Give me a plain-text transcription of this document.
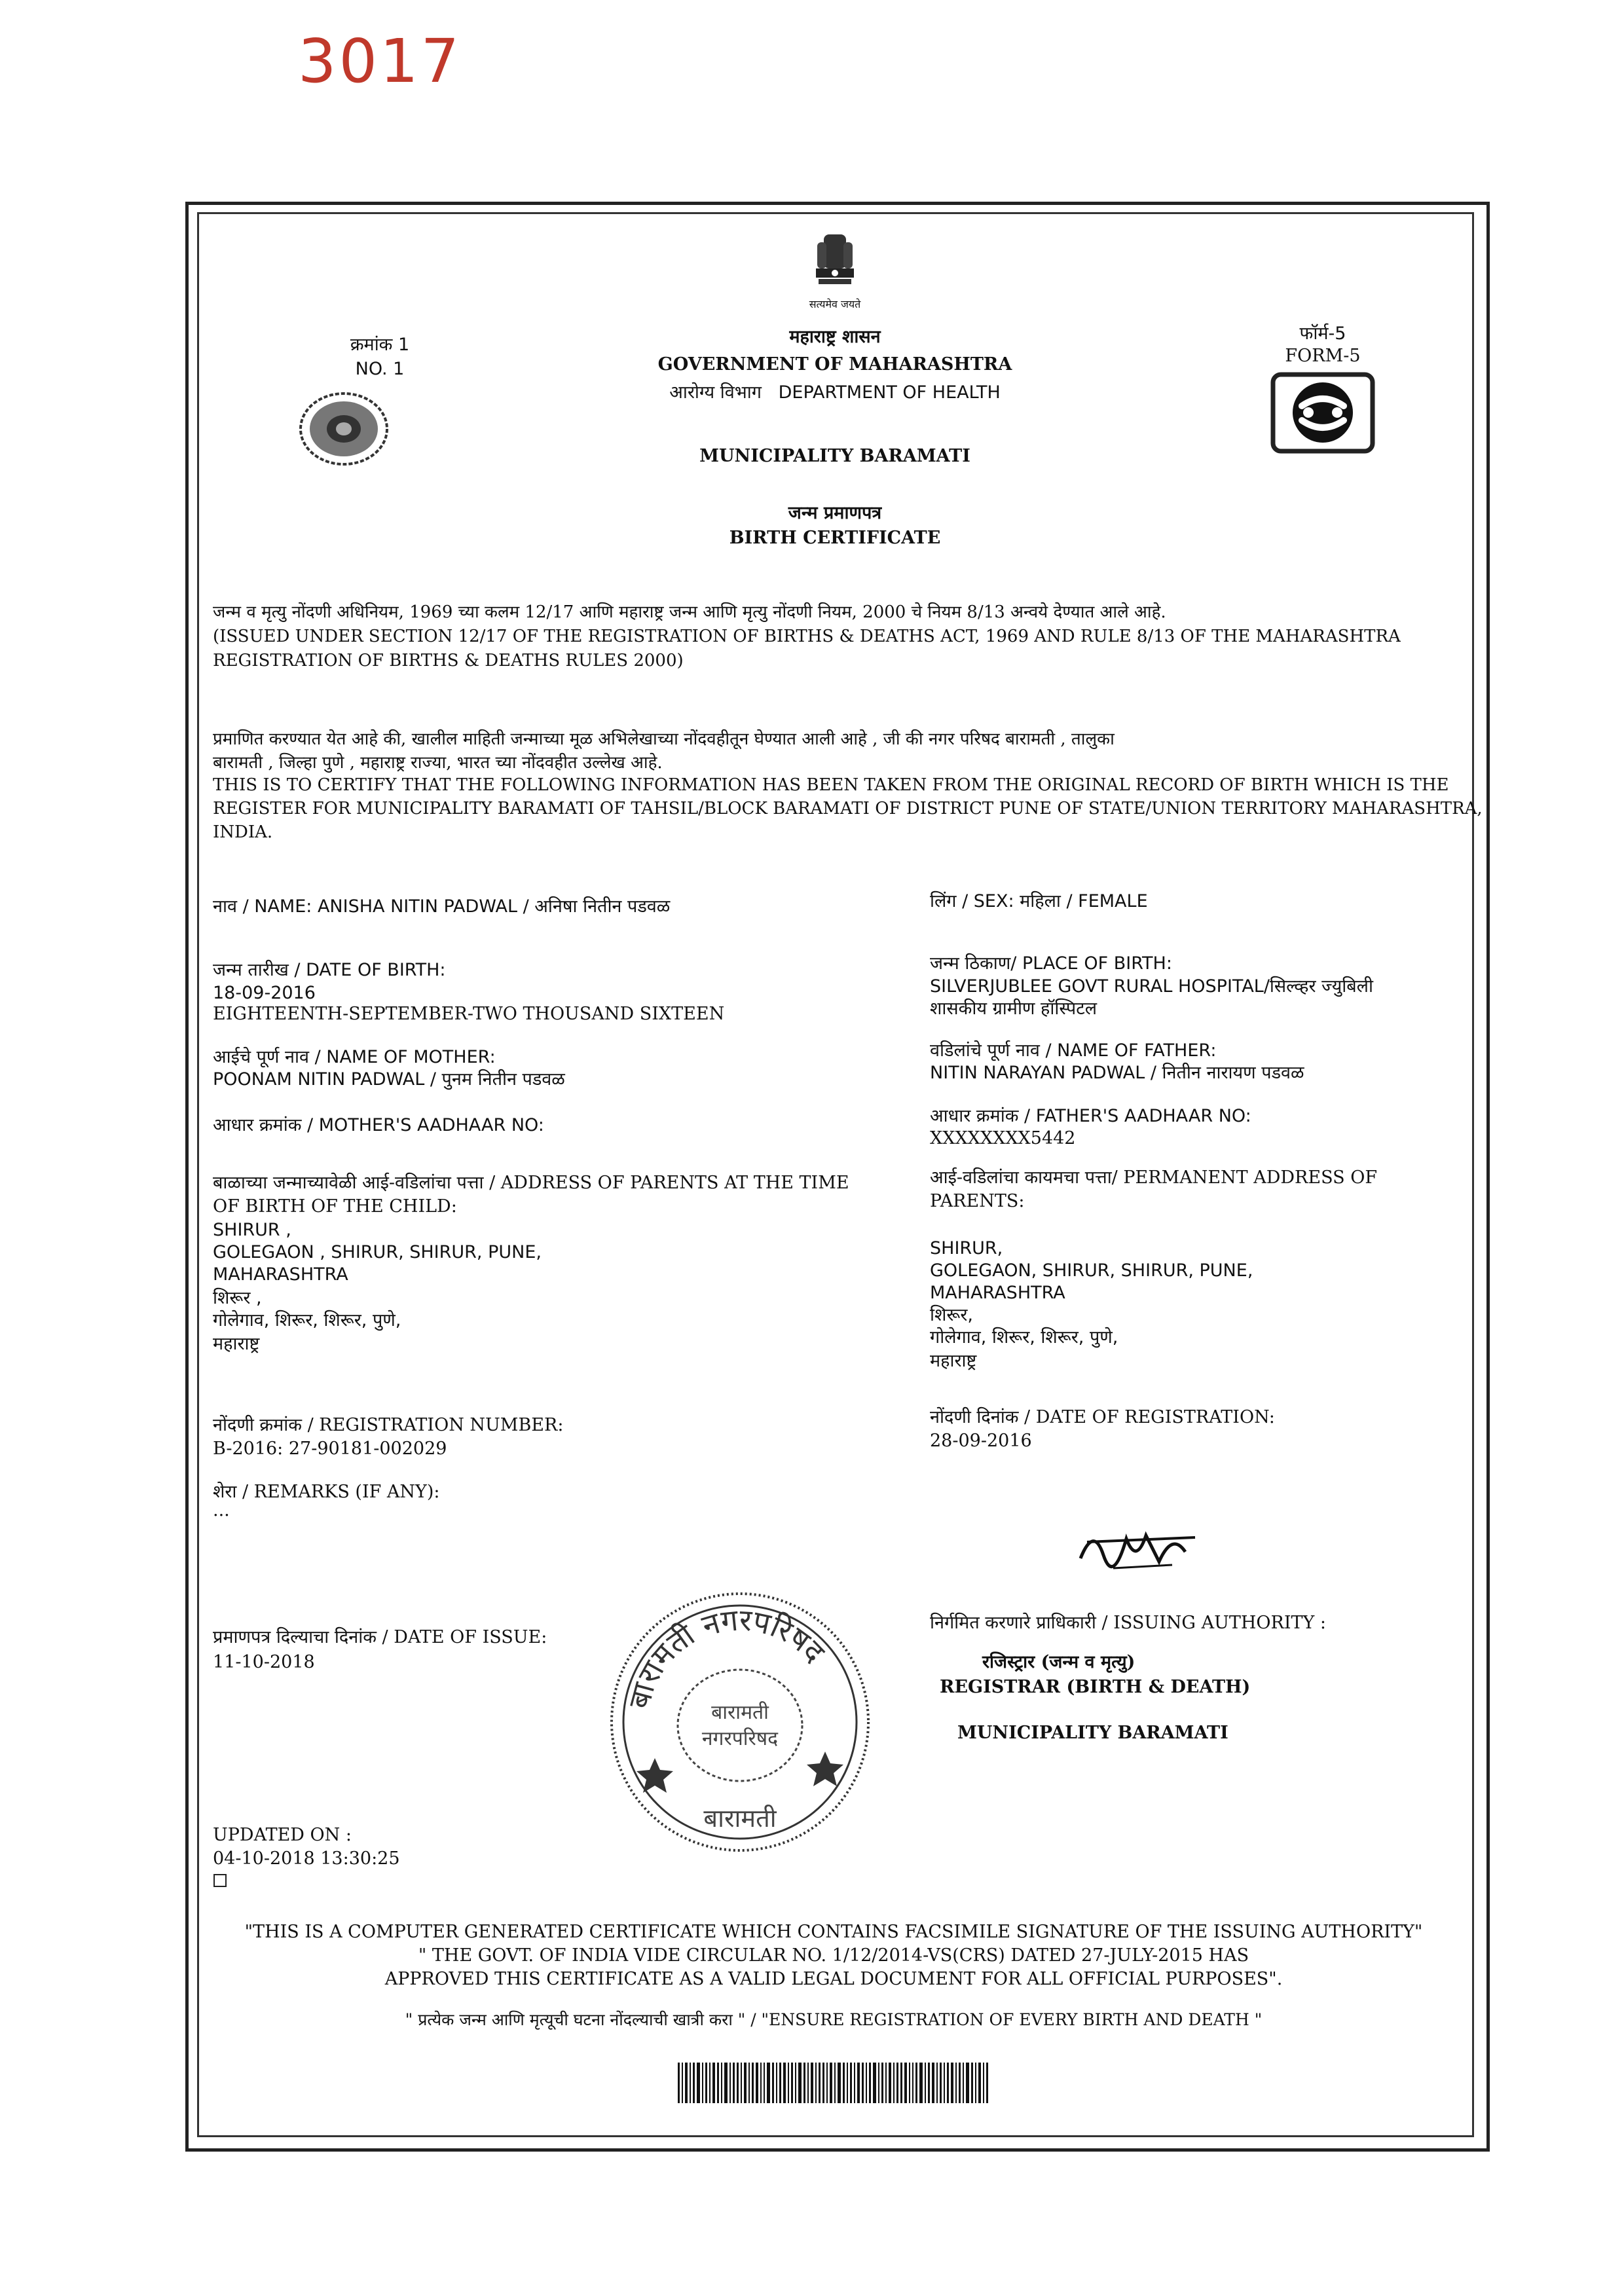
3017
सत्यमेव जयते
क्रमांक 1
NO. 1
महाराष्ट्र शासन
GOVERNMENT OF MAHARASHTRA
आरोग्य विभाग DEPARTMENT OF HEALTH
फॉर्म-5
FORM-5
MUNICIPALITY BARAMATI
जन्म प्रमाणपत्र
BIRTH CERTIFICATE
जन्म व मृत्यु नोंदणी अधिनियम, 1969 च्या कलम 12/17 आणि महाराष्ट्र जन्म आणि मृत्यु नोंदणी नियम, 2000 चे नियम 8/13 अन्वये देण्यात आले आहे.
(ISSUED UNDER SECTION 12/17 OF THE REGISTRATION OF BIRTHS & DEATHS ACT, 1969 AND RULE 8/13 OF THE MAHARASHTRA
REGISTRATION OF BIRTHS & DEATHS RULES 2000)
प्रमाणित करण्यात येत आहे की, खालील माहिती जन्माच्या मूळ अभिलेखाच्या नोंदवहीतून घेण्यात आली आहे , जी की नगर परिषद बारामती , तालुका
बारामती , जिल्हा पुणे , महाराष्ट्र राज्या, भारत च्या नोंदवहीत उल्लेख आहे.
THIS IS TO CERTIFY THAT THE FOLLOWING INFORMATION HAS BEEN TAKEN FROM THE ORIGINAL RECORD OF BIRTH WHICH IS THE
REGISTER FOR MUNICIPALITY BARAMATI OF TAHSIL/BLOCK BARAMATI OF DISTRICT PUNE OF STATE/UNION TERRITORY MAHARASHTRA,
INDIA.
नाव / NAME: ANISHA NITIN PADWAL / अनिषा नितीन पडवळ
जन्म तारीख / DATE OF BIRTH:
18-09-2016
EIGHTEENTH-SEPTEMBER-TWO THOUSAND SIXTEEN
आईचे पूर्ण नाव / NAME OF MOTHER:
POONAM NITIN PADWAL / पुनम नितीन पडवळ
आधार क्रमांक / MOTHER'S AADHAAR NO:
बाळाच्या जन्माच्यावेळी आई-वडिलांचा पत्ता / ADDRESS OF PARENTS AT THE TIME
OF BIRTH OF THE CHILD:
SHIRUR ,
GOLEGAON , SHIRUR, SHIRUR, PUNE,
MAHARASHTRA
शिरूर ,
गोलेगाव, शिरूर, शिरूर, पुणे,
महाराष्ट्र
नोंदणी क्रमांक / REGISTRATION NUMBER:
B-2016: 27-90181-002029
शेरा / REMARKS (IF ANY):
...
प्रमाणपत्र दिल्याचा दिनांक / DATE OF ISSUE:
11-10-2018
UPDATED ON :
04-10-2018 13:30:25
लिंग / SEX: महिला / FEMALE
जन्म ठिकाण/ PLACE OF BIRTH:
SILVERJUBLEE GOVT RURAL HOSPITAL/सिल्व्हर ज्युबिली
शासकीय ग्रामीण हॉस्पिटल
वडिलांचे पूर्ण नाव / NAME OF FATHER:
NITIN NARAYAN PADWAL / नितीन नारायण पडवळ
आधार क्रमांक / FATHER'S AADHAAR NO:
XXXXXXXX5442
आई-वडिलांचा कायमचा पत्ता/ PERMANENT ADDRESS OF
PARENTS:
SHIRUR,
GOLEGAON, SHIRUR, SHIRUR, PUNE,
MAHARASHTRA
शिरूर,
गोलेगाव, शिरूर, शिरूर, पुणे,
महाराष्ट्र
नोंदणी दिनांक / DATE OF REGISTRATION:
28-09-2016
निर्गमित करणारे प्राधिकारी / ISSUING AUTHORITY :
रजिस्ट्रार (जन्म व मृत्यु)
REGISTRAR (BIRTH & DEATH)
MUNICIPALITY BARAMATI
बारामती नगरपरिषद
बारामती
नगरपरिषद
बारामती
"THIS IS A COMPUTER GENERATED CERTIFICATE WHICH CONTAINS FACSIMILE SIGNATURE OF THE ISSUING AUTHORITY"
" THE GOVT. OF INDIA VIDE CIRCULAR NO. 1/12/2014-VS(CRS) DATED 27-JULY-2015 HAS
APPROVED THIS CERTIFICATE AS A VALID LEGAL DOCUMENT FOR ALL OFFICIAL PURPOSES".
" प्रत्येक जन्म आणि मृत्यूची घटना नोंदल्याची खात्री करा " / "ENSURE REGISTRATION OF EVERY BIRTH AND DEATH "
